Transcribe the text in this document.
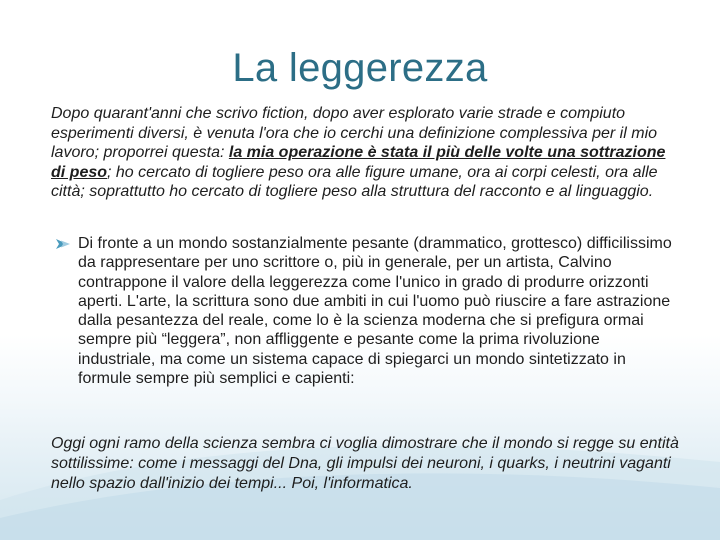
La leggerezza

Dopo quarant'anni che scrivo fiction, dopo aver esplorato varie strade e compiuto esperimenti diversi, è venuta l'ora che io cerchi una definizione complessiva per il mio lavoro; proporrei questa: la mia operazione è stata il più delle volte una sottrazione di peso; ho cercato di togliere peso ora alle figure umane, ora ai corpi celesti, ora alle città; soprattutto ho cercato di togliere peso alla struttura del racconto e al linguaggio.

Di fronte a un mondo sostanzialmente pesante (drammatico, grottesco) difficilissimo da rappresentare per uno scrittore o, più in generale, per un artista, Calvino contrappone il valore della leggerezza come l'unico in grado di produrre orizzonti aperti. L'arte, la scrittura sono due ambiti in cui l'uomo può riuscire a fare astrazione dalla pesantezza del reale, come lo è la scienza moderna che si prefigura ormai sempre più “leggera”, non affliggente e pesante come la prima rivoluzione industriale, ma come un sistema capace di spiegarci un mondo sintetizzato in formule sempre più semplici e capienti:

Oggi ogni ramo della scienza sembra ci voglia dimostrare che il mondo si regge su entità sottilissime: come i messaggi del Dna, gli impulsi dei neuroni, i quarks, i neutrini vaganti nello spazio dall'inizio dei tempi... Poi, l'informatica.
